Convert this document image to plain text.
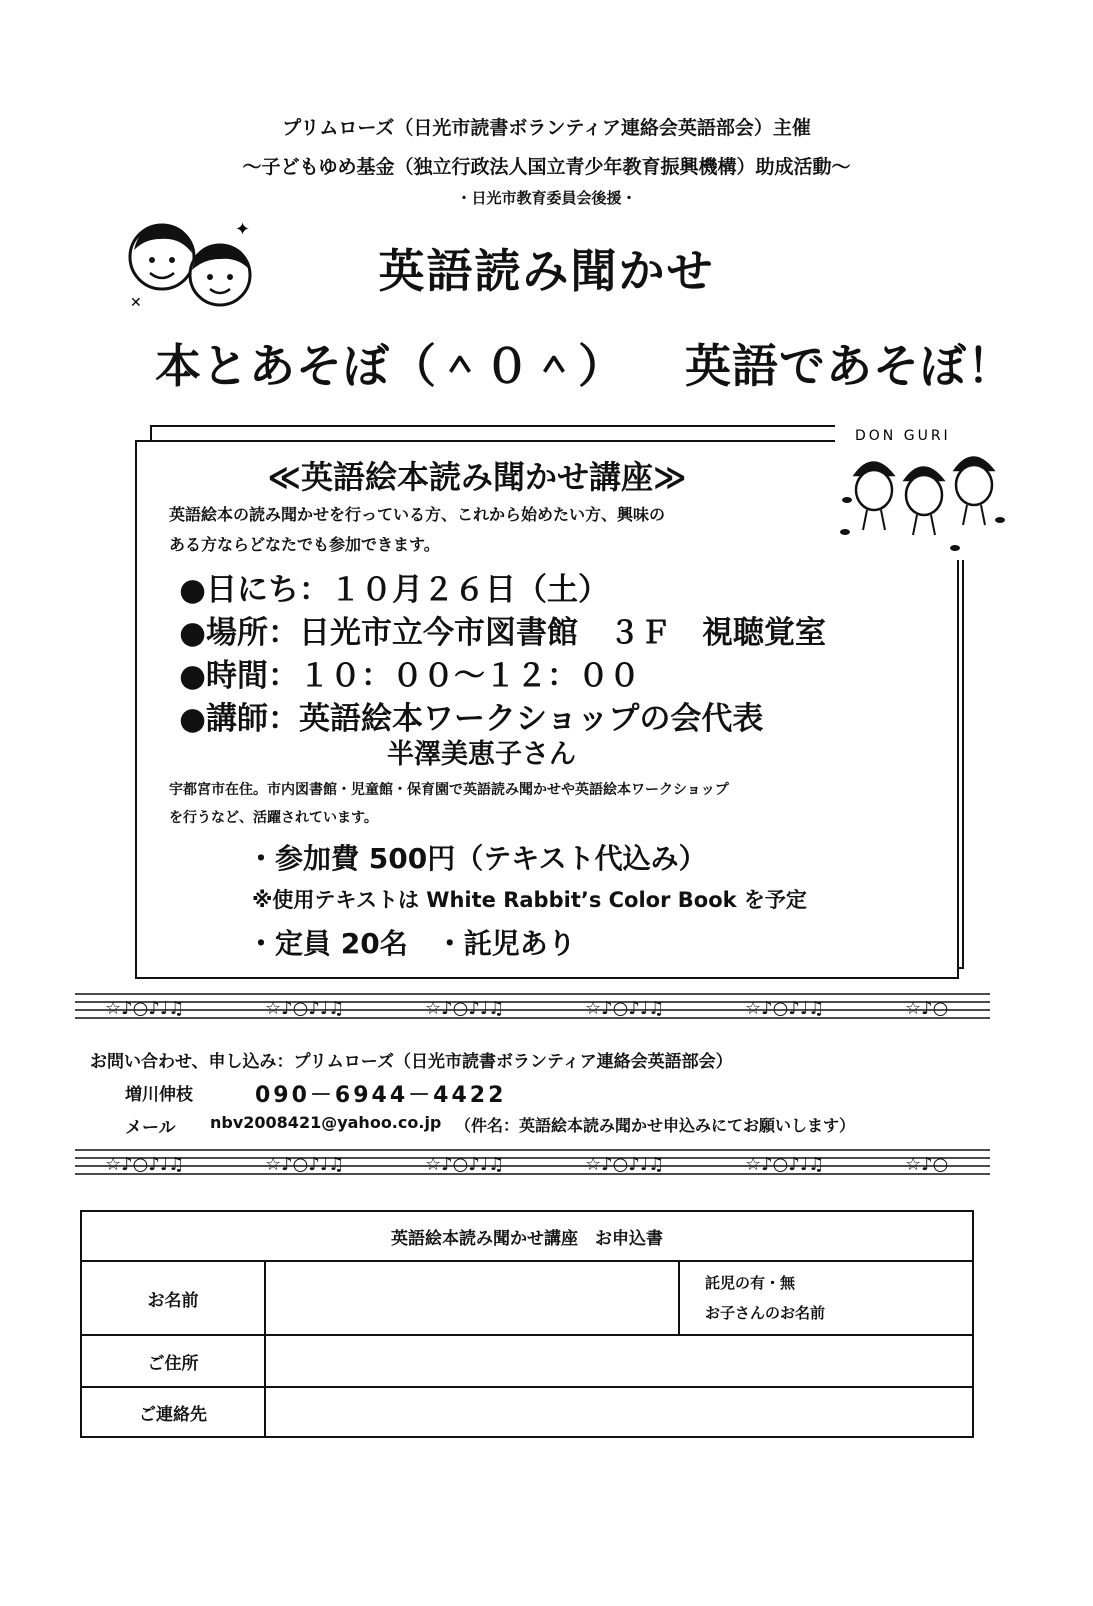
プリムローズ（日光市読書ボランティア連絡会英語部会）主催
～子どもゆめ基金（独立行政法人国立青少年教育振興機構）助成活動～
・日光市教育委員会後援・
✦
✕
英語読み聞かせ
本とあそぼ（＾０＾） 英語であそぼ！
≪英語絵本読み聞かせ講座≫
英語絵本の読み聞かせを行っている方、これから始めたい方、興味の
ある方ならどなたでも参加できます。
●日にち：１０月２６日（土）
●場所：日光市立今市図書館　３Ｆ　視聴覚室
●時間：１０：００～１２：００
●講師：英語絵本ワークショップの会代表
半澤美恵子さん
宇都宮市在住。市内図書館・児童館・保育園で英語読み聞かせや英語絵本ワークショップ
を行うなど、活躍されています。
・参加費 500円（テキスト代込み）
※使用テキストは White Rabbit’s Color Book を予定
・定員 20名　・託児あり
DON GURI
☆♪○♪♩♫	☆♪○♪♩♫	☆♪○♪♩♫	☆♪○♪♩♫	☆♪○♪♩♫	☆♪○
お問い合わせ、申し込み：プリムローズ（日光市読書ボランティア連絡会英語部会）
増川伸枝	090－6944－4422
メール nbv2008421@yahoo.co.jp （件名：英語絵本読み聞かせ申込みにてお願いします）
☆♪○♪♩♫	☆♪○♪♩♫	☆♪○♪♩♫	☆♪○♪♩♫	☆♪○♪♩♫	☆♪○
英語絵本読み聞かせ講座　お申込書		
お名前		託児の有・無
お子さんのお名前

ご住所		
ご連絡先		
